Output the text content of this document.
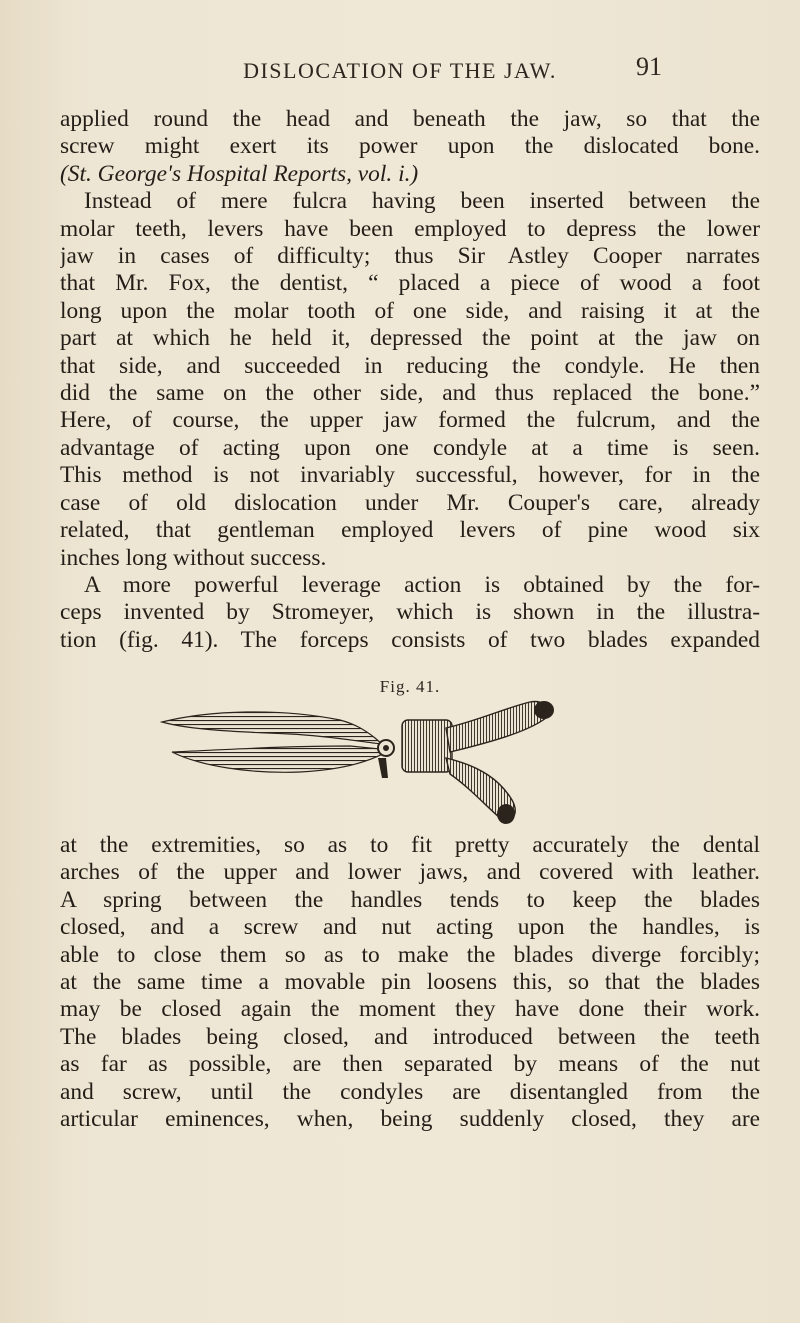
DISLOCATION OF THE JAW.	91
applied round the head and beneath the jaw, so that the
screw might exert its power upon the dislocated bone.
(St. George's Hospital Reports, vol. i.)
Instead of mere fulcra having been inserted between the
molar teeth, levers have been employed to depress the lower
jaw in cases of difficulty; thus Sir Astley Cooper narrates
that Mr. Fox, the dentist, “ placed a piece of wood a foot
long upon the molar tooth of one side, and raising it at the
part at which he held it, depressed the point at the jaw on
that side, and succeeded in reducing the condyle. He then
did the same on the other side, and thus replaced the bone.”
Here, of course, the upper jaw formed the fulcrum, and the
advantage of acting upon one condyle at a time is seen.
This method is not invariably successful, however, for in the
case of old dislocation under Mr. Couper's care, already
related, that gentleman employed levers of pine wood six
inches long without success.
A more powerful leverage action is obtained by the for-
ceps invented by Stromeyer, which is shown in the illustra-
tion (fig. 41). The forceps consists of two blades expanded
Fig. 41.
at the extremities, so as to fit pretty accurately the dental
arches of the upper and lower jaws, and covered with leather.
A spring between the handles tends to keep the blades
closed, and a screw and nut acting upon the handles, is
able to close them so as to make the blades diverge forcibly;
at the same time a movable pin loosens this, so that the blades
may be closed again the moment they have done their work.
The blades being closed, and introduced between the teeth
as far as possible, are then separated by means of the nut
and screw, until the condyles are disentangled from the
articular eminences, when, being suddenly closed, they are
